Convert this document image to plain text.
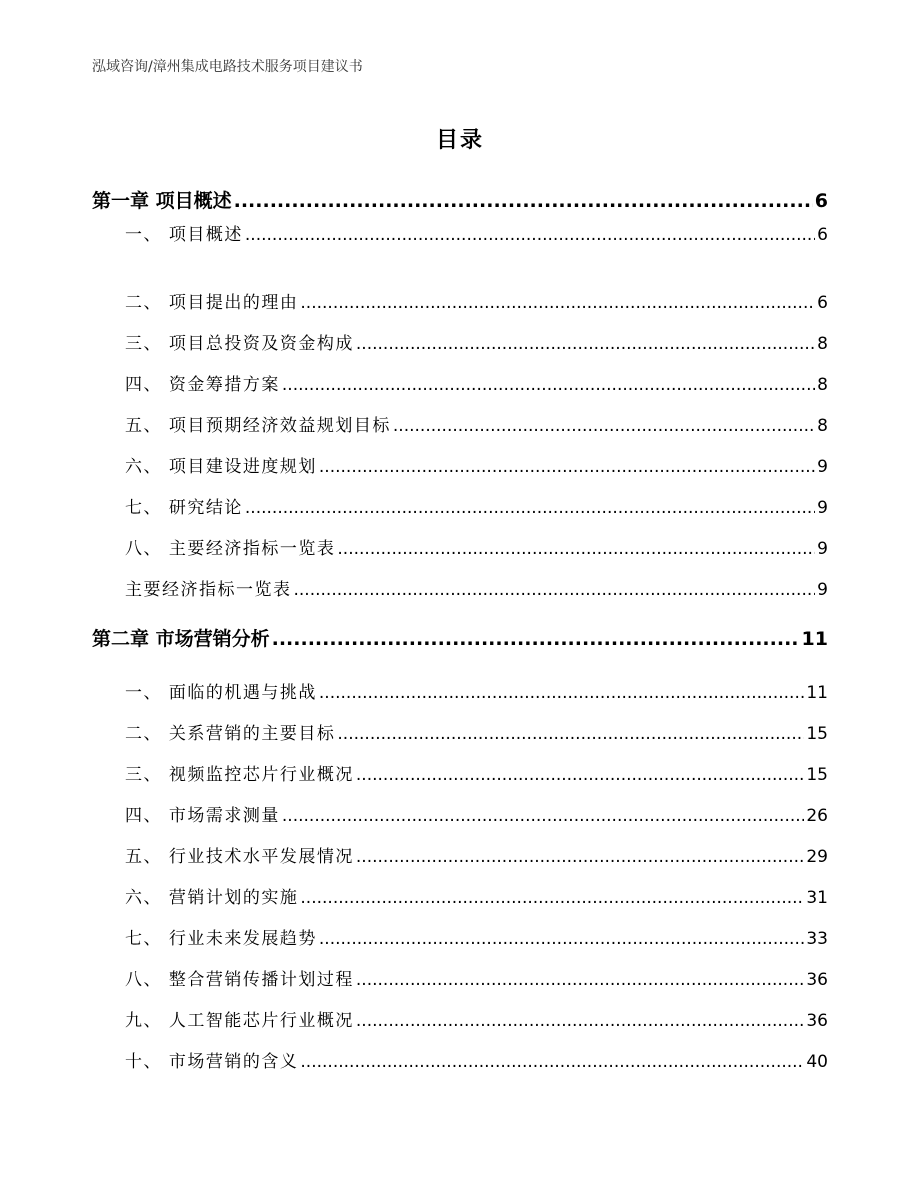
泓域咨询/漳州集成电路技术服务项目建议书
目录
第一章 项目概述 .....	6
一、 项目概述 .....	6
二、 项目提出的理由 .....	6
三、 项目总投资及资金构成 .....	8
四、 资金筹措方案 .....	8
五、 项目预期经济效益规划目标 .....	8
六、 项目建设进度规划 .....	9
七、 研究结论 .....	9
八、 主要经济指标一览表 .....	9
主要经济指标一览表 .....	9
第二章 市场营销分析 .....	11
一、 面临的机遇与挑战 .....	11
二、 关系营销的主要目标 .....	15
三、 视频监控芯片行业概况 .....	15
四、 市场需求测量 .....	26
五、 行业技术水平发展情况 .....	29
六、 营销计划的实施 .....	31
七、 行业未来发展趋势 .....	33
八、 整合营销传播计划过程 .....	36
九、 人工智能芯片行业概况 .....	36
十、 市场营销的含义 .....	40
